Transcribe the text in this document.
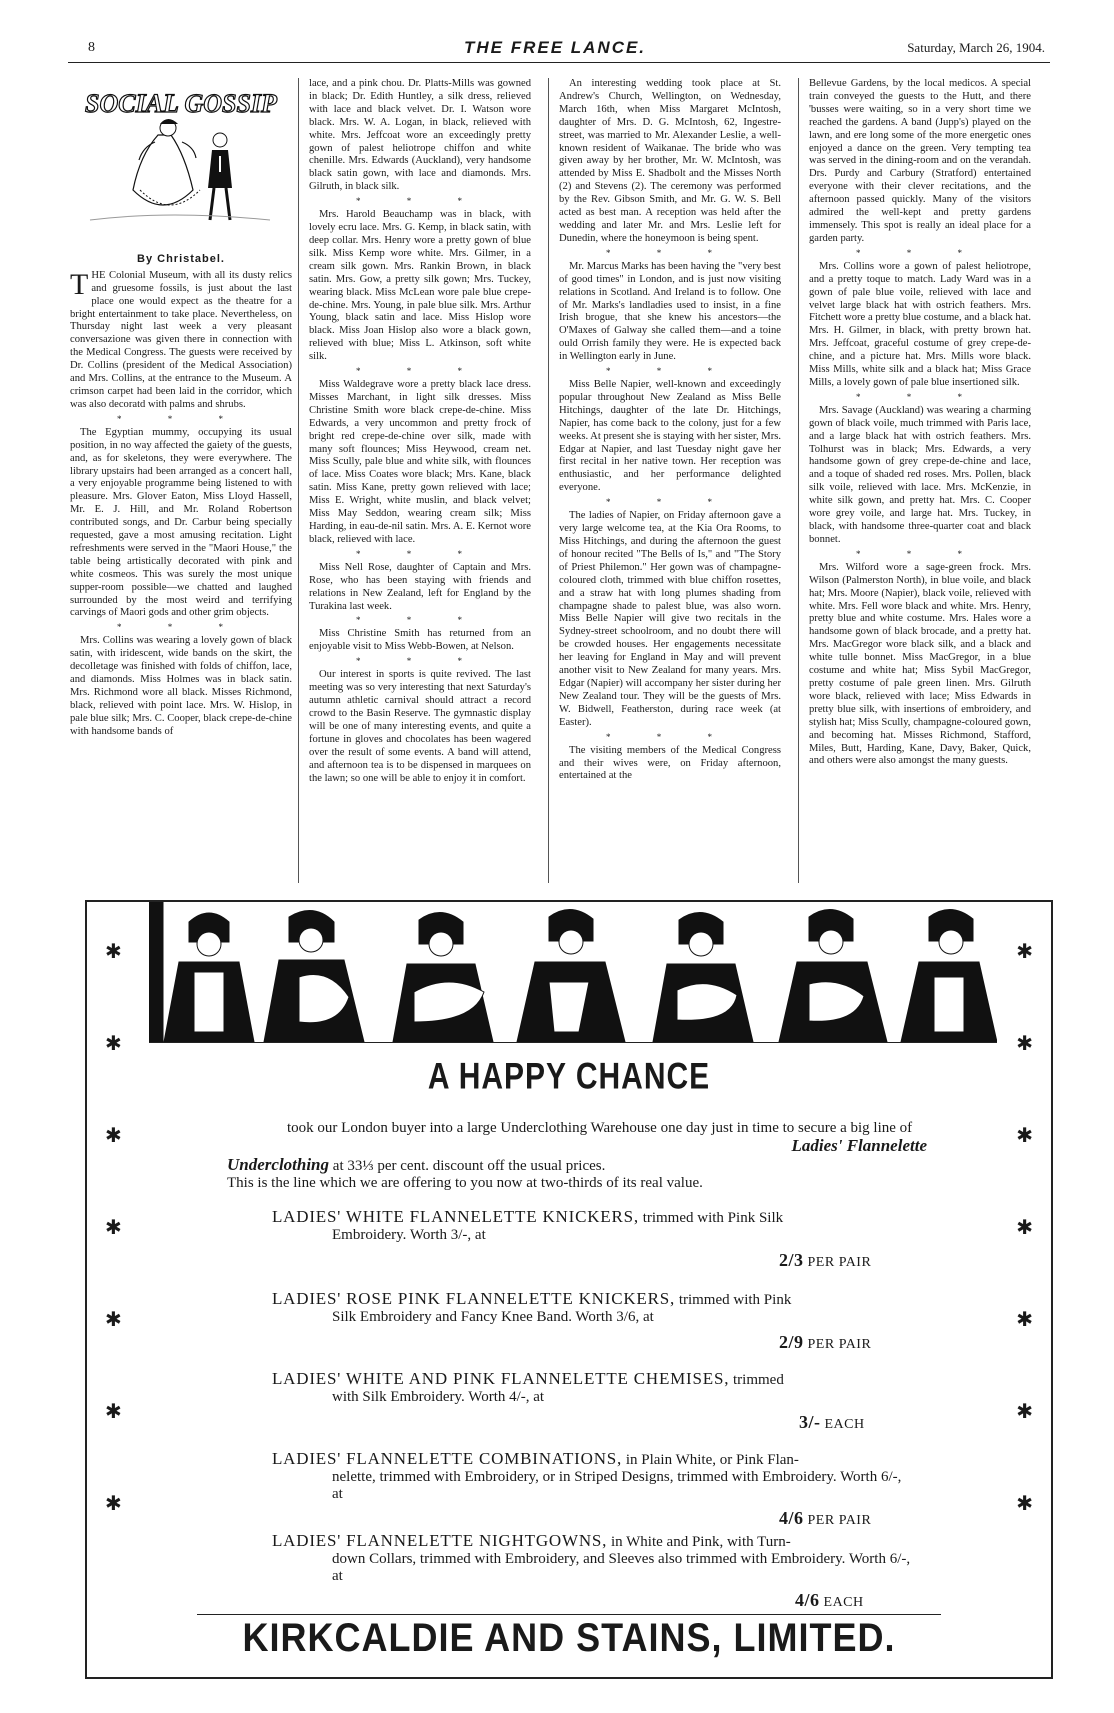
8	THE FREE LANCE.	Saturday, March 26, 1904.
SOCIAL GOSSIP
By Christabel.

THE Colonial Museum, with all its dusty relics and gruesome fossils, is just about the last place one would expect as the theatre for a bright entertainment to take place. Nevertheless, on Thursday night last week a very pleasant conversazione was given there in connection with the Medical Congress. The guests were received by Dr. Collins (president of the Medical Association) and Mrs. Collins, at the entrance to the Museum. A crimson carpet had been laid in the corridor, which was also decoratd with palms and shrubs.

* * *

The Egyptian mummy, occupying its usual position, in no way affected the gaiety of the guests, and, as for skeletons, they were everywhere. The library upstairs had been arranged as a concert hall, a very enjoyable programme being listened to with pleasure. Mrs. Glover Eaton, Miss Lloyd Hassell, Mr. E. J. Hill, and Mr. Roland Robertson contributed songs, and Dr. Carbur being specially requested, gave a most amusing recitation. Light refreshments were served in the "Maori House," the table being artistically decorated with pink and white cosmeos. This was surely the most unique supper-room possible—we chatted and laughed surrounded by the most weird and terrifying carvings of Maori gods and other grim objects.

* * *

Mrs. Collins was wearing a lovely gown of black satin, with iridescent, wide bands on the skirt, the decolletage was finished with folds of chiffon, lace, and diamonds. Miss Holmes was in black satin. Mrs. Richmond wore all black. Misses Richmond, black, relieved with point lace. Mrs. W. Hislop, in pale blue silk; Mrs. C. Cooper, black crepe-de-chine with handsome bands of

lace, and a pink chou. Dr. Platts-Mills was gowned in black; Dr. Edith Huntley, a silk dress, relieved with lace and black velvet. Dr. I. Watson wore black. Mrs. W. A. Logan, in black, relieved with white. Mrs. Jeffcoat wore an exceedingly pretty gown of palest heliotrope chiffon and white chenille. Mrs. Edwards (Auckland), very handsome black satin gown, with lace and diamonds. Mrs. Gilruth, in black silk.

* * *

Mrs. Harold Beauchamp was in black, with lovely ecru lace. Mrs. G. Kemp, in black satin, with deep collar. Mrs. Henry wore a pretty gown of blue silk. Miss Kemp wore white. Mrs. Gilmer, in a cream silk gown. Mrs. Rankin Brown, in black satin. Mrs. Gow, a pretty silk gown; Mrs. Tuckey, wearing black. Miss McLean wore pale blue crepe-de-chine. Mrs. Young, in pale blue silk. Mrs. Arthur Young, black satin and lace. Miss Hislop wore black. Miss Joan Hislop also wore a black gown, relieved with blue; Miss L. Atkinson, soft white silk.

* * *

Miss Waldegrave wore a pretty black lace dress. Misses Marchant, in light silk dresses. Miss Christine Smith wore black crepe-de-chine. Miss Edwards, a very uncommon and pretty frock of bright red crepe-de-chine over silk, made with many soft flounces; Miss Heywood, cream net. Miss Scully, pale blue and white silk, with flounces of lace. Miss Coates wore black; Mrs. Kane, black satin. Miss Kane, pretty gown relieved with lace; Miss E. Wright, white muslin, and black velvet; Miss May Seddon, wearing cream silk; Miss Harding, in eau-de-nil satin. Mrs. A. E. Kernot wore black, relieved with lace.

* * *

Miss Nell Rose, daughter of Captain and Mrs. Rose, who has been staying with friends and relations in New Zealand, left for England by the Turakina last week.

* * *

Miss Christine Smith has returned from an enjoyable visit to Miss Webb-Bowen, at Nelson.

* * *

Our interest in sports is quite revived. The last meeting was so very interesting that next Saturday's autumn athletic carnival should attract a record crowd to the Basin Reserve. The gymnastic display will be one of many interesting events, and quite a fortune in gloves and chocolates has been wagered over the result of some events. A band will attend, and afternoon tea is to be dispensed in marquees on the lawn; so one will be able to enjoy it in comfort.

An interesting wedding took place at St. Andrew's Church, Wellington, on Wednesday, March 16th, when Miss Margaret McIntosh, daughter of Mrs. D. G. McIntosh, 62, Ingestre-street, was married to Mr. Alexander Leslie, a well-known resident of Waikanae. The bride who was given away by her brother, Mr. W. McIntosh, was attended by Miss E. Shadbolt and the Misses North (2) and Stevens (2). The ceremony was performed by the Rev. Gibson Smith, and Mr. G. W. S. Bell acted as best man. A reception was held after the wedding and later Mr. and Mrs. Leslie left for Dunedin, where the honeymoon is being spent.

* * *

Mr. Marcus Marks has been having the "very best of good times" in London, and is just now visiting relations in Scotland. And Ireland is to follow. One of Mr. Marks's landladies used to insist, in a fine Irish brogue, that she knew his ancestors—the O'Maxes of Galway she called them—and a toine ould Orrish family they were. He is expected back in Wellington early in June.

* * *

Miss Belle Napier, well-known and exceedingly popular throughout New Zealand as Miss Belle Hitchings, daughter of the late Dr. Hitchings, Napier, has come back to the colony, just for a few weeks. At present she is staying with her sister, Mrs. Edgar at Napier, and last Tuesday night gave her first recital in her native town. Her reception was enthusiastic, and her performance delighted everyone.

* * *

The ladies of Napier, on Friday afternoon gave a very large welcome tea, at the Kia Ora Rooms, to Miss Hitchings, and during the afternoon the guest of honour recited "The Bells of Is," and "The Story of Priest Philemon." Her gown was of champagne-coloured cloth, trimmed with blue chiffon rosettes, and a straw hat with long plumes shading from champagne shade to palest blue, was also worn. Miss Belle Napier will give two recitals in the Sydney-street schoolroom, and no doubt there will be crowded houses. Her engagements necessitate her leaving for England in May and will prevent another visit to New Zealand for many years. Mrs. Edgar (Napier) will accompany her sister during her New Zealand tour. They will be the guests of Mrs. W. Bidwell, Featherston, during race week (at Easter).

* * *

The visiting members of the Medical Congress and their wives were, on Friday afternoon, entertained at the

Bellevue Gardens, by the local medicos. A special train conveyed the guests to the Hutt, and there 'busses were waiting, so in a very short time we reached the gardens. A band (Jupp's) played on the lawn, and ere long some of the more energetic ones enjoyed a dance on the green. Very tempting tea was served in the dining-room and on the verandah. Drs. Purdy and Carbury (Stratford) entertained everyone with their clever recitations, and the afternoon passed quickly. Many of the visitors admired the well-kept and pretty gardens immensely. This spot is really an ideal place for a garden party.

* * *

Mrs. Collins wore a gown of palest heliotrope, and a pretty toque to match. Lady Ward was in a gown of pale blue voile, relieved with lace and velvet large black hat with ostrich feathers. Mrs. Fitchett wore a pretty blue costume, and a black hat. Mrs. H. Gilmer, in black, with pretty brown hat. Mrs. Jeffcoat, graceful costume of grey crepe-de-chine, and a picture hat. Mrs. Mills wore black. Miss Mills, white silk and a black hat; Miss Grace Mills, a lovely gown of pale blue insertioned silk.

* * *

Mrs. Savage (Auckland) was wearing a charming gown of black voile, much trimmed with Paris lace, and a large black hat with ostrich feathers. Mrs. Tolhurst was in black; Mrs. Edwards, a very handsome gown of grey crepe-de-chine and lace, and a toque of shaded red roses. Mrs. Pollen, black silk voile, relieved with lace. Mrs. McKenzie, in white silk gown, and pretty hat. Mrs. C. Cooper wore grey voile, and large hat. Mrs. Tuckey, in black, with handsome three-quarter coat and black bonnet.

* * *

Mrs. Wilford wore a sage-green frock. Mrs. Wilson (Palmerston North), in blue voile, and black hat; Mrs. Moore (Napier), black voile, relieved with white. Mrs. Fell wore black and white. Mrs. Henry, pretty blue and white costume. Mrs. Hales wore a handsome gown of black brocade, and a pretty hat. Mrs. MacGregor wore black silk, and a black and white tulle bonnet. Miss MacGregor, in a blue costume and white hat; Miss Sybil MacGregor, pretty costume of pale green linen. Mrs. Gilruth wore black, relieved with lace; Miss Edwards in pretty blue silk, with insertions of embroidery, and stylish hat; Miss Scully, champagne-coloured gown, and becoming hat. Misses Richmond, Stafford, Miles, Butt, Harding, Kane, Davy, Baker, Quick, and others were also amongst the many guests.

✱
✱
✱
✱
✱
✱
✱
✱
✱
✱
✱
✱
✱
✱
A HAPPY CHANCE
took our London buyer into a large Underclothing Warehouse one day just in time to secure a big line of
Ladies' Flannelette
Underclothing at 33⅓ per cent. discount off the usual prices.
This is the line which we are offering to you now at two-thirds of its real value.
LADIES' WHITE FLANNELETTE KNICKERS, trimmed with Pink Silk
Embroidery. Worth 3/-, at
2/3 PER PAIR
LADIES' ROSE PINK FLANNELETTE KNICKERS, trimmed with Pink
Silk Embroidery and Fancy Knee Band. Worth 3/6, at
2/9 PER PAIR
LADIES' WHITE AND PINK FLANNELETTE CHEMISES, trimmed
with Silk Embroidery. Worth 4/-, at
3/- EACH
LADIES' FLANNELETTE COMBINATIONS, in Plain White, or Pink Flan-
nelette, trimmed with Embroidery, or in Striped Designs, trimmed with Embroidery. Worth 6/-, at
4/6 PER PAIR
LADIES' FLANNELETTE NIGHTGOWNS, in White and Pink, with Turn-
down Collars, trimmed with Embroidery, and Sleeves also trimmed with Embroidery. Worth 6/-, at
4/6 EACH
KIRKCALDIE AND STAINS, LIMITED.
